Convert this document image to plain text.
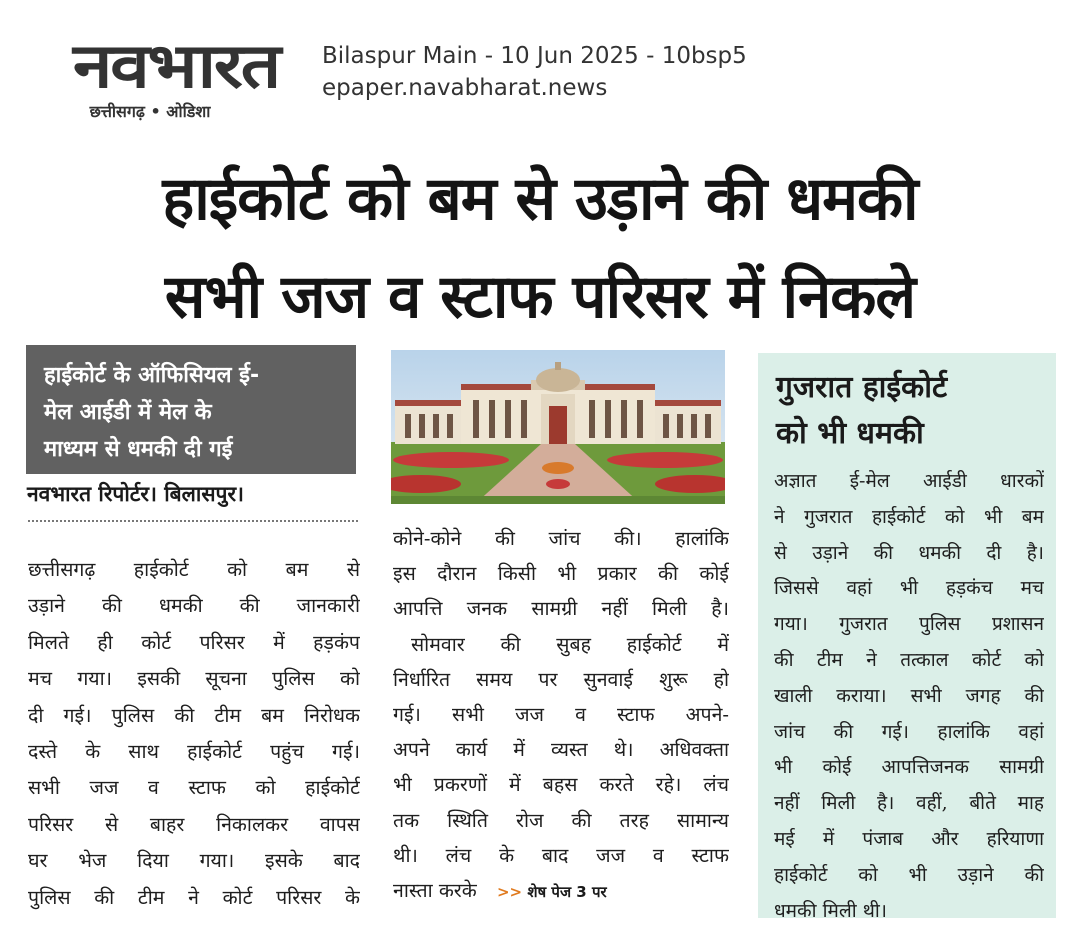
नवभारत
छत्तीसगढ़ • ओडिशा
Bilaspur Main - 10 Jun 2025 - 10bsp5
epaper.navabharat.news
हाईकोर्ट को बम से उड़ाने की धमकी
सभी जज व स्टाफ परिसर में निकले
हाईकोर्ट के ऑफिसियल ई-
मेल आईडी में मेल के
माध्यम से धमकी दी गई
नवभारत रिपोर्टर। बिलासपुर।
छत्तीसगढ़ हाईकोर्ट को बम से
उड़ाने की धमकी की जानकारी
मिलते ही कोर्ट परिसर में हड़कंप
मच गया। इसकी सूचना पुलिस को
दी गई। पुलिस की टीम बम निरोधक
दस्ते के साथ हाईकोर्ट पहुंच गई।
सभी जज व स्टाफ को हाईकोर्ट
परिसर से बाहर निकालकर वापस
घर भेज दिया गया। इसके बाद
पुलिस की टीम ने कोर्ट परिसर के
कोने-कोने की जांच की। हालांकि
इस दौरान किसी भी प्रकार की कोई
आपत्ति जनक सामग्री नहीं मिली है।
सोमवार की सुबह हाईकोर्ट में
निर्धारित समय पर सुनवाई शुरू हो
गई। सभी जज व स्टाफ अपने-
अपने कार्य में व्यस्त थे। अधिवक्ता
भी प्रकरणों में बहस करते रहे। लंच
तक स्थिति रोज की तरह सामान्य
थी। लंच के बाद जज व स्टाफ
नास्ता करके >> शेष पेज 3 पर
गुजरात हाईकोर्ट
को भी धमकी
अज्ञात ई-मेल आईडी धारकों
ने गुजरात हाईकोर्ट को भी बम
से उड़ाने की धमकी दी है।
जिससे वहां भी हड़कंच मच
गया। गुजरात पुलिस प्रशासन
की टीम ने तत्काल कोर्ट को
खाली कराया। सभी जगह की
जांच की गई। हालांकि वहां
भी कोई आपत्तिजनक सामग्री
नहीं मिली है। वहीं, बीते माह
मई में पंजाब और हरियाणा
हाईकोर्ट को भी उड़ाने की
धमकी मिली थी।
